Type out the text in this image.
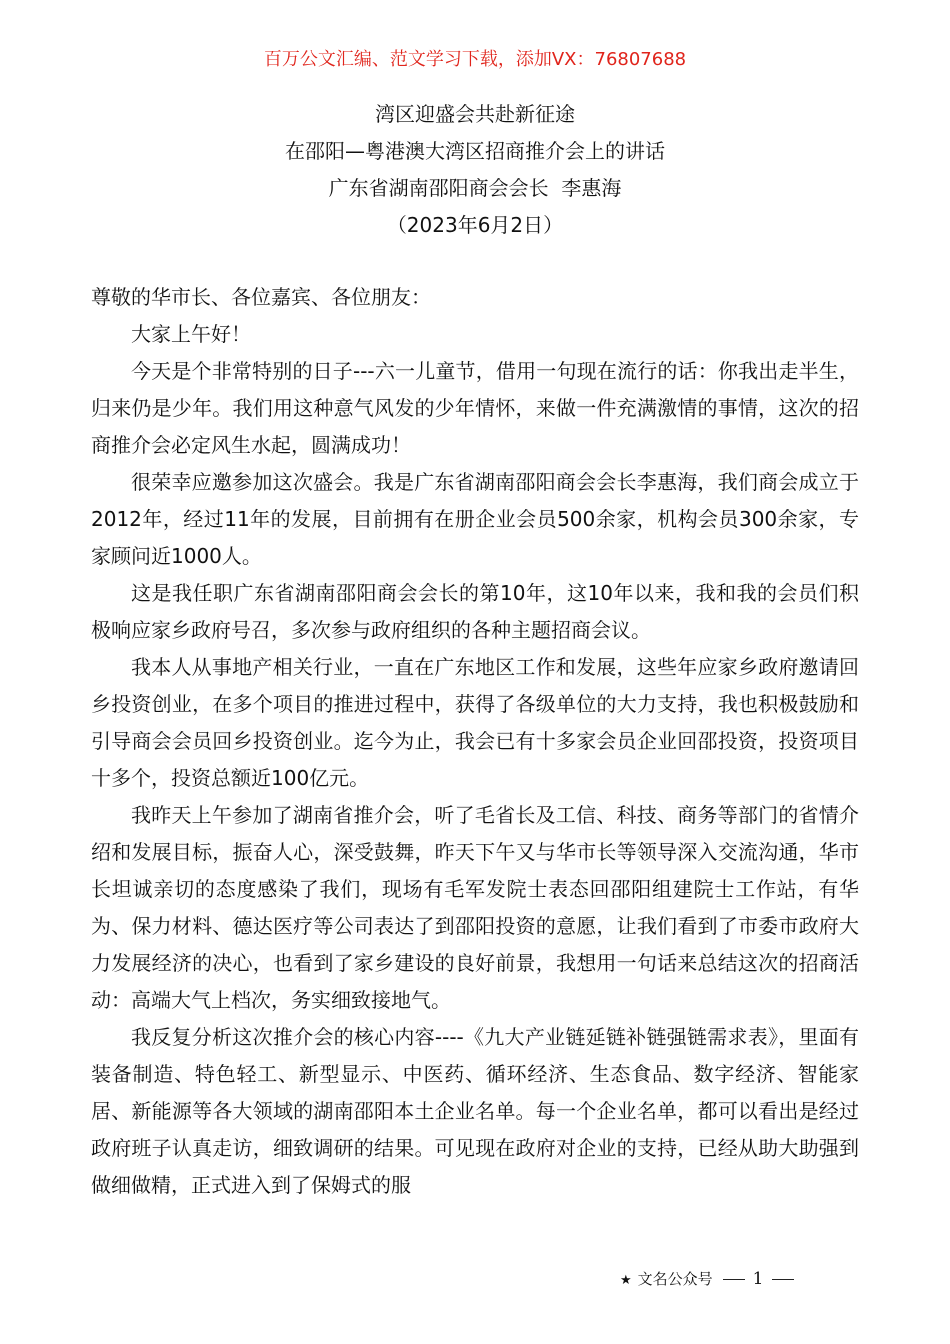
百万公文汇编、范文学习下载，添加VX：76807688
湾区迎盛会共赴新征途
在邵阳—粤港澳大湾区招商推介会上的讲话
广东省湖南邵阳商会会长  李惠海
（2023年6月2日）

尊敬的华市长、各位嘉宾、各位朋友：

大家上午好！

今天是个非常特别的日子---六一儿童节，借用一句现在流行的话：你我出走半生，归来仍是少年。我们用这种意气风发的少年情怀，来做一件充满激情的事情，这次的招商推介会必定风生水起，圆满成功！

很荣幸应邀参加这次盛会。我是广东省湖南邵阳商会会长李惠海，我们商会成立于2012年，经过11年的发展，目前拥有在册企业会员500余家，机构会员300余家，专家顾问近1000人。

这是我任职广东省湖南邵阳商会会长的第10年，这10年以来，我和我的会员们积极响应家乡政府号召，多次参与政府组织的各种主题招商会议。

我本人从事地产相关行业，一直在广东地区工作和发展，这些年应家乡政府邀请回乡投资创业，在多个项目的推进过程中，获得了各级单位的大力支持，我也积极鼓励和引导商会会员回乡投资创业。迄今为止，我会已有十多家会员企业回邵投资，投资项目十多个，投资总额近100亿元。

我昨天上午参加了湖南省推介会，听了毛省长及工信、科技、商务等部门的省情介绍和发展目标，振奋人心，深受鼓舞，昨天下午又与华市长等领导深入交流沟通，华市长坦诚亲切的态度感染了我们，现场有毛军发院士表态回邵阳组建院士工作站，有华为、保力材料、德达医疗等公司表达了到邵阳投资的意愿，让我们看到了市委市政府大力发展经济的决心，也看到了家乡建设的良好前景，我想用一句话来总结这次的招商活动：高端大气上档次，务实细致接地气。

我反复分析这次推介会的核心内容----《九大产业链延链补链强链需求表》，里面有装备制造、特色轻工、新型显示、中医药、循环经济、生态食品、数字经济、智能家居、新能源等各大领域的湖南邵阳本土企业名单。每一个企业名单，都可以看出是经过政府班子认真走访，细致调研的结果。可见现在政府对企业的支持，已经从助大助强到做细做精，正式进入到了保姆式的服

★ 文名公众号 1
